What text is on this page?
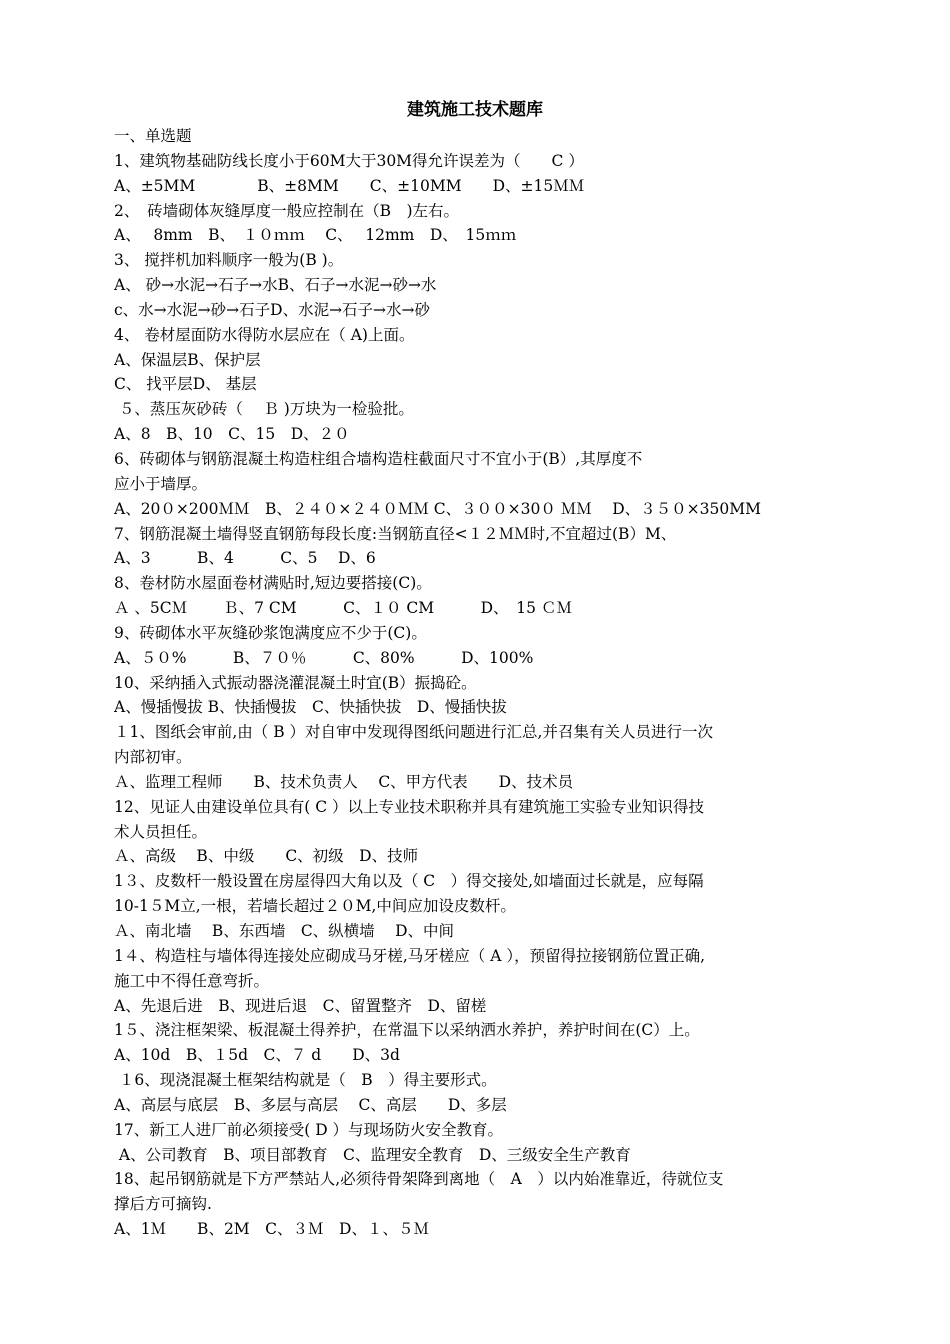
建筑施工技术题库
一、单选题
1、建筑物基础防线长度小于60M大于30M得允许误差为（　　C ）
A、±5MM　　　　B、±8MM　　C、±10MM　　D、±15ＭＭ
2、　砖墙砌体灰缝厚度一般应控制在（B　)左右。
A、　 8mm　B、　１０ｍｍ　 C、　 12mm　D、　15ｍｍ
3、 搅拌机加料顺序一般为(B )。
A、 砂→水泥→石子→水B、石子→水泥→砂→水
c、水→水泥→砂→石子D、水泥→石子→水→砂
4、 卷材屋面防水得防水层应在（ A)上面。
A、保温层B、保护层
C、 找平层D、 基层
５、蒸压灰砂砖（　 Ｂ )万块为一检验批。
A、8　B、10　C、15　D、２０
6、砖砌体与钢筋混凝土构造柱组合墙构造柱截面尺寸不宜小于(B）,其厚度不
应小于墙厚。
A、20０×200ＭＭ　B、２４０×２４０ＭＭ C、３００×30０ ＭＭ　 D、３５０×350MM
7、钢筋混凝土墙得竖直钢筋每段长度:当钢筋直径<１２ＭＭ时,不宜超过(B）M、
A、3　　　B、4　　　C、5　 D、6
8、卷材防水屋面卷材满贴时,短边要搭接(C)。
Ａ 、5CＭ　　 Ｂ、7 CM　　　C、１０ CM　　　D、　15 ＣＭ
9、砖砌体水平灰缝砂浆饱满度应不少于(C)。
A、５０%　　　B、７０％　　　C、80%　　　D、100%
10、采纳插入式振动器浇灌混凝土时宜(B）振捣砼。
A、慢插慢拔 B、快插慢拔　C、快插快拔　D、慢插快拔
１1、图纸会审前,由（ B ）对自审中发现得图纸问题进行汇总,并召集有关人员进行一次
内部初审。
Ａ、监理工程师　　B、技术负责人　 C、甲方代表　　D、技术员
12、见证人由建设单位具有( C ）以上专业技术职称并具有建筑施工实验专业知识得技
术人员担任。
Ａ、高级　 B、中级　　C、初级　D、技师
1３、皮数杆一般设置在房屋得四大角以及（ C　）得交接处,如墙面过长就是，应每隔
10-1５M立,一根，若墙长超过２０M,中间应加设皮数杆。
Ａ、南北墙　 B、东西墙　C、纵横墙　 D、中间
1４、构造柱与墙体得连接处应砌成马牙槎,马牙槎应（ A ），预留得拉接钢筋位置正确,
施工中不得任意弯折。
A、先退后进　B、现进后退　C、留置整齐　D、留槎
1５、浇注框架梁、板混凝土得养护，在常温下以采纳洒水养护，养护时间在(C）上。
A、10d　B、１5d　C、７ d　　D、3d
１6、现浇混凝土框架结构就是（　B　）得主要形式。
A、高层与底层　B、多层与高层　 C、高层　　D、多层
17、新工人进厂前必须接受( D ）与现场防火安全教育。
A、公司教育　B、项目部教育　C、监理安全教育　D、三级安全生产教育
18、起吊钢筋就是下方严禁站人,必须待骨架降到离地（　A　）以内始准靠近，待就位支
撑后方可摘钩.
A、1Ｍ　　B、2M　C、３Ｍ　D、１、５Ｍ
